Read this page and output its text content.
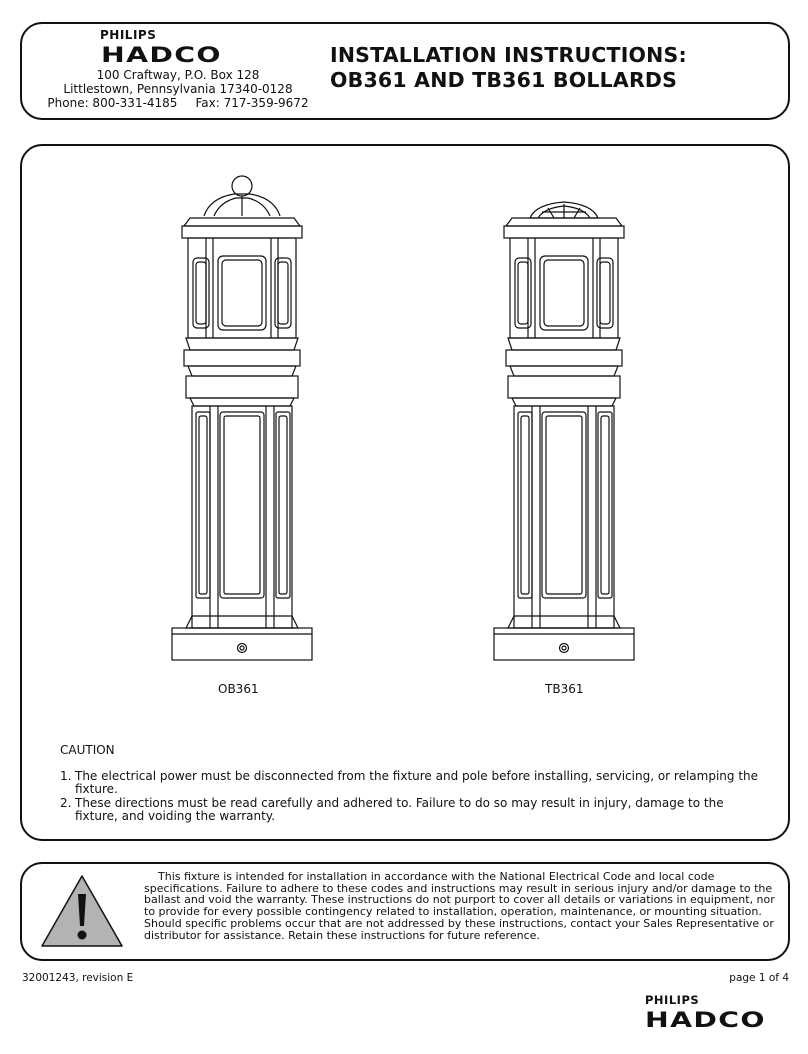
PHILIPS
HADCO
100 Craftway, P.O. Box 128
Littlestown, Pennsylvania 17340-0128
Phone: 800-331-4185 Fax: 717-359-9672
INSTALLATION INSTRUCTIONS:
OB361 AND TB361 BOLLARDS
OB361	TB361
CAUTION
1. The electrical power must be disconnected from the fixture and pole before installing, servicing, or relamping the fixture.
2. These directions must be read carefully and adhered to. Failure to do so may result in injury, damage to the fixture, and voiding the warranty.
This fixture is intended for installation in accordance with the National Electrical Code and local code specifications. Failure to adhere to these codes and instructions may result in serious injury and/or damage to the ballast and void the warranty. These instructions do not purport to cover all details or variations in equipment, nor to provide for every possible contingency related to installation, operation, maintenance, or mounting situation. Should specific problems occur that are not addressed by these instructions, contact your Sales Representative or distributor for assistance. Retain these instructions for future reference.
32001243, revision E	page 1 of 4
PHILIPS
HADCO
